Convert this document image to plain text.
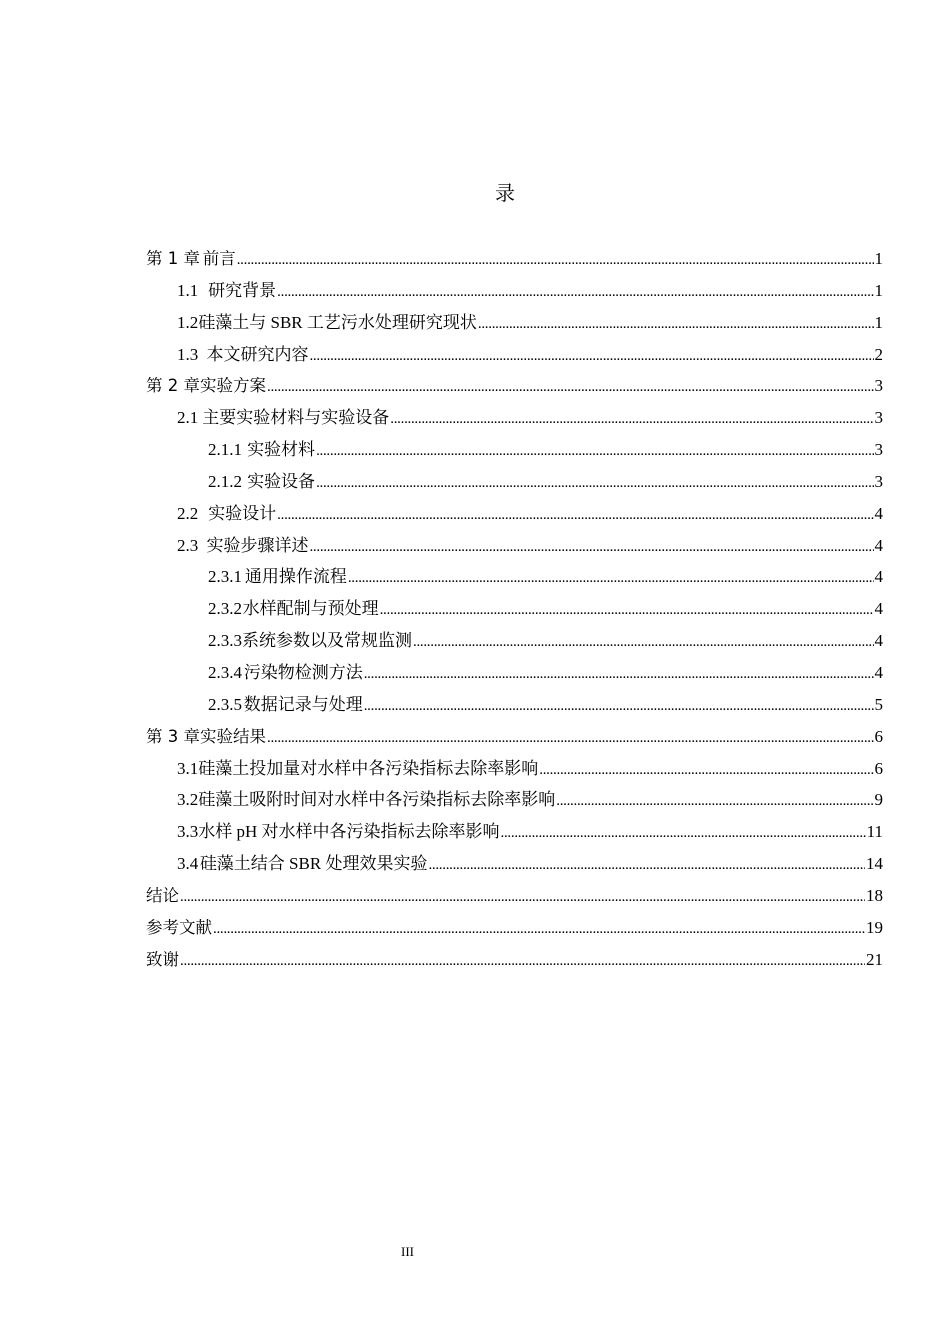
录
第 1 章 前言 .....	1
1.1 研究背景 .....	1
1.2 硅藻土与 SBR 工艺污水处理研究现状 .....	1
1.3 本文研究内容 .....	2
第 2 章 实验方案 .....	3
2.1 主要实验材料与实验设备 .....	3
2.1.1 实验材料 .....	3
2.1.2 实验设备 .....	3
2.2 实验设计 .....	4
2.3 实验步骤详述 .....	4
2.3.1 通用操作流程 .....	4
2.3.2 水样配制与预处理 .....	4
2.3.3 系统参数以及常规监测 .....	4
2.3.4 污染物检测方法 .....	4
2.3.5 数据记录与处理 .....	5
第 3 章 实验结果 .....	6
3.1 硅藻土投加量对水样中各污染指标去除率影响 .....	6
3.2 硅藻土吸附时间对水样中各污染指标去除率影响 .....	9
3.3 水样 pH 对水样中各污染指标去除率影响 .....	11
3.4 硅藻土结合 SBR 处理效果实验 .....	14
结论 .....	18
参考文献 .....	19
致谢 .....	21
III
